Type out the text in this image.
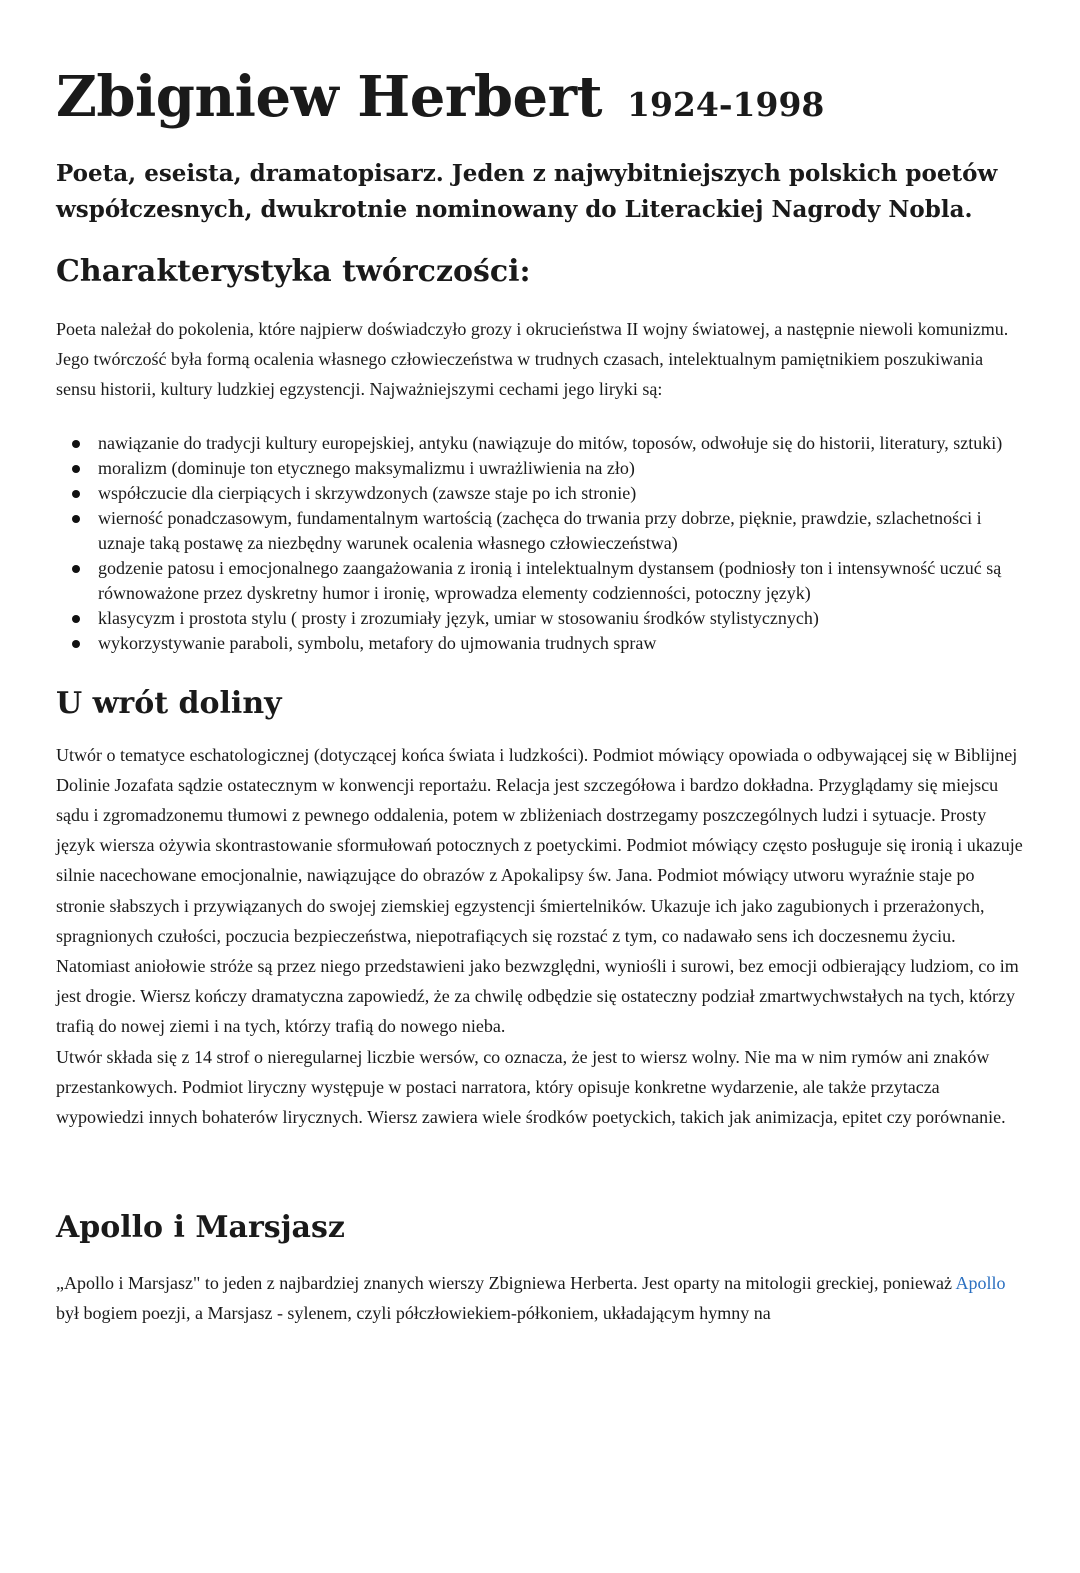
Zbigniew Herbert 1924-1998

Poeta, eseista, dramatopisarz. Jeden z najwybitniejszych polskich poetów współczesnych, dwukrotnie nominowany do Literackiej Nagrody Nobla.

Charakterystyka twórczości:

Poeta należał do pokolenia, które najpierw doświadczyło grozy i okrucieństwa II wojny światowej, a następnie niewoli komunizmu. Jego twórczość była formą ocalenia własnego człowieczeństwa w trudnych czasach, intelektualnym pamiętnikiem poszukiwania sensu historii, kultury ludzkiej egzystencji. Najważniejszymi cechami jego liryki są:

nawiązanie do tradycji kultury europejskiej, antyku (nawiązuje do mitów, toposów, odwołuje się do historii, literatury, sztuki)
moralizm (dominuje ton etycznego maksymalizmu i uwrażliwienia na zło)
współczucie dla cierpiących i skrzywdzonych (zawsze staje po ich stronie)
wierność ponadczasowym, fundamentalnym wartością (zachęca do trwania przy dobrze, pięknie, prawdzie, szlachetności i uznaje taką postawę za niezbędny warunek ocalenia własnego człowieczeństwa)
godzenie patosu i emocjonalnego zaangażowania z ironią i intelektualnym dystansem (podniosły ton i intensywność uczuć są równoważone przez dyskretny humor i ironię, wprowadza elementy codzienności, potoczny język)
klasycyzm i prostota stylu ( prosty i zrozumiały język, umiar w stosowaniu środków stylistycznych)
wykorzystywanie paraboli, symbolu, metafory do ujmowania trudnych spraw
U wrót doliny

Utwór o tematyce eschatologicznej (dotyczącej końca świata i ludzkości). Podmiot mówiący opowiada o odbywającej się w Biblijnej Dolinie Jozafata sądzie ostatecznym w konwencji reportażu. Relacja jest szczegółowa i bardzo dokładna. Przyglądamy się miejscu sądu i zgromadzonemu tłumowi z pewnego oddalenia, potem w zbliżeniach dostrzegamy poszczególnych ludzi i sytuacje. Prosty język wiersza ożywia skontrastowanie sformułowań potocznych z poetyckimi. Podmiot mówiący często posługuje się ironią i ukazuje silnie nacechowane emocjonalnie, nawiązujące do obrazów z Apokalipsy św. Jana. Podmiot mówiący utworu wyraźnie staje po stronie słabszych i przywiązanych do swojej ziemskiej egzystencji śmiertelników. Ukazuje ich jako zagubionych i przerażonych, spragnionych czułości, poczucia bezpieczeństwa, niepotrafiących się rozstać z tym, co nadawało sens ich doczesnemu życiu. Natomiast aniołowie stróże są przez niego przedstawieni jako bezwzględni, wyniośli i surowi, bez emocji odbierający ludziom, co im jest drogie. Wiersz kończy dramatyczna zapowiedź, że za chwilę odbędzie się ostateczny podział zmartwychwstałych na tych, którzy trafią do nowej ziemi i na tych, którzy trafią do nowego nieba.

Utwór składa się z 14 strof o nieregularnej liczbie wersów, co oznacza, że jest to wiersz wolny. Nie ma w nim rymów ani znaków przestankowych. Podmiot liryczny występuje w postaci narratora, który opisuje konkretne wydarzenie, ale także przytacza wypowiedzi innych bohaterów lirycznych. Wiersz zawiera wiele środków poetyckich, takich jak animizacja, epitet czy porównanie.

Apollo i Marsjasz

„Apollo i Marsjasz" to jeden z najbardziej znanych wierszy Zbigniewa Herberta. Jest oparty na mitologii greckiej, ponieważ Apollo był bogiem poezji, a Marsjasz - sylenem, czyli półczłowiekiem-półkoniem, układającym hymny na
